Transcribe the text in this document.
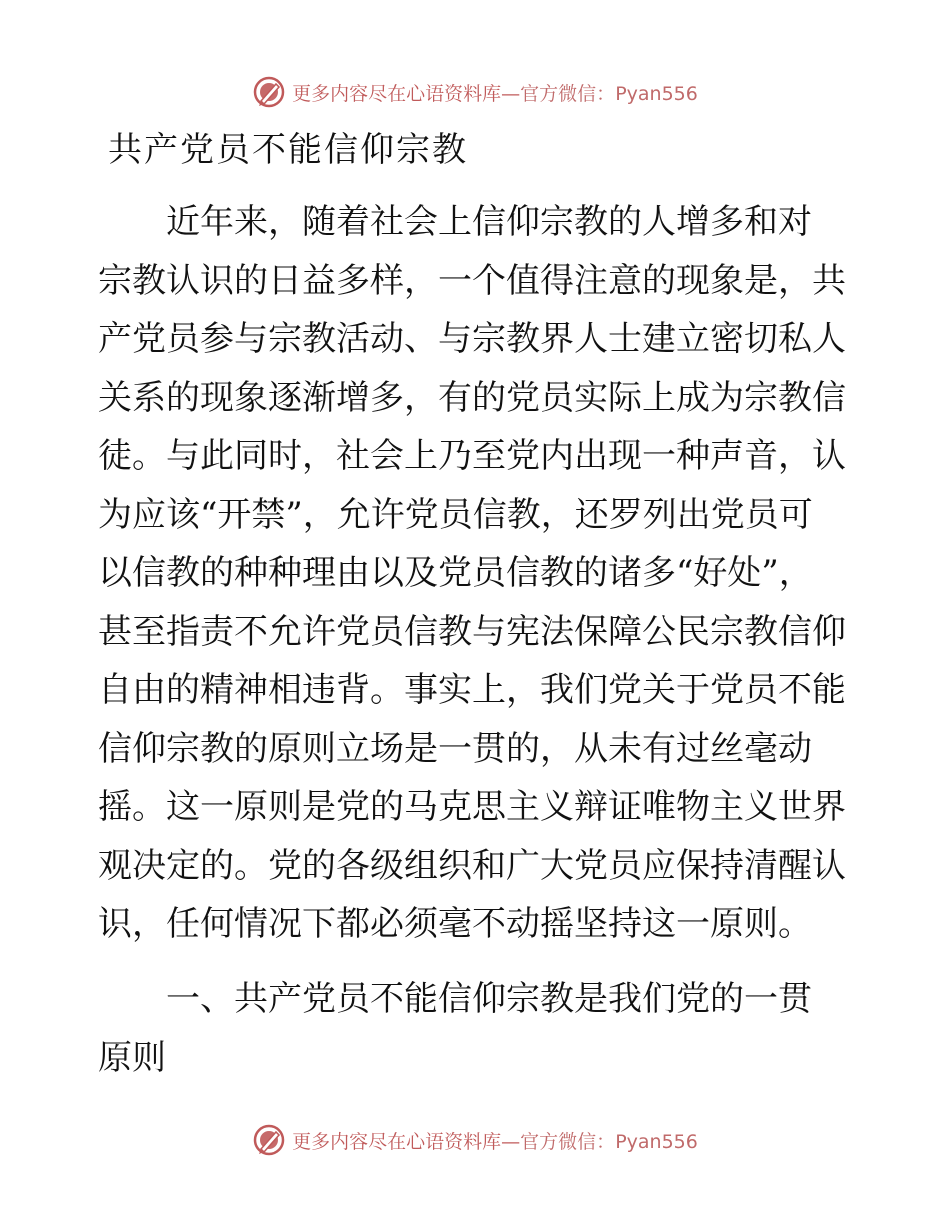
更多内容尽在心语资料库—官方微信：Pyan556
共产党员不能信仰宗教
　　近年来，随着社会上信仰宗教的人增多和对
宗教认识的日益多样，一个值得注意的现象是，共
产党员参与宗教活动、与宗教界人士建立密切私人
关系的现象逐渐增多，有的党员实际上成为宗教信
徒。与此同时，社会上乃至党内出现一种声音，认
为应该“开禁”，允许党员信教，还罗列出党员可
以信教的种种理由以及党员信教的诸多“好处”，
甚至指责不允许党员信教与宪法保障公民宗教信仰
自由的精神相违背。事实上，我们党关于党员不能
信仰宗教的原则立场是一贯的，从未有过丝毫动
摇。这一原则是党的马克思主义辩证唯物主义世界
观决定的。党的各级组织和广大党员应保持清醒认
识，任何情况下都必须毫不动摇坚持这一原则。
　　一、共产党员不能信仰宗教是我们党的一贯
原则
更多内容尽在心语资料库—官方微信：Pyan556
